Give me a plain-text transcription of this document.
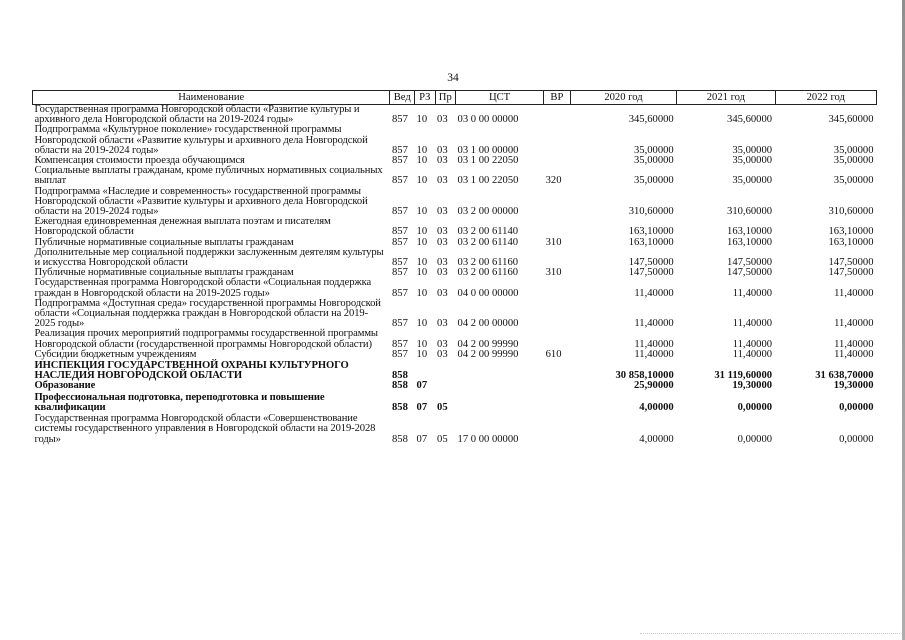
34
Наименование	Вед	РЗ	Пр	ЦСТ	ВР	2020 год	2021 год	2022 год
Государственная программа Новгородской области «Развитие культуры и архивного дела Новгородской области на 2019-2024 годы»	857	10	03	03 0 00 00000		345,60000	345,60000	345,60000
Подпрограмма «Культурное поколение» государственной программы Новгородской области «Развитие культуры и архивного дела Новгородской области на 2019-2024 годы»	857	10	03	03 1 00 00000		35,00000	35,00000	35,00000
Компенсация стоимости проезда обучающимся	857	10	03	03 1 00 22050		35,00000	35,00000	35,00000
Социальные выплаты гражданам, кроме публичных нормативных социальных выплат	857	10	03	03 1 00 22050	320	35,00000	35,00000	35,00000
Подпрограмма «Наследие и современность» государственной программы Новгородской области «Развитие культуры и архивного дела Новгородской области на 2019-2024 годы»	857	10	03	03 2 00 00000		310,60000	310,60000	310,60000
Ежегодная единовременная денежная выплата поэтам и писателям Новгородской области	857	10	03	03 2 00 61140		163,10000	163,10000	163,10000
Публичные нормативные социальные выплаты гражданам	857	10	03	03 2 00 61140	310	163,10000	163,10000	163,10000
Дополнительные мер социальной поддержки заслуженным деятелям культуры и искусства Новгородской области	857	10	03	03 2 00 61160		147,50000	147,50000	147,50000
Публичные нормативные социальные выплаты гражданам	857	10	03	03 2 00 61160	310	147,50000	147,50000	147,50000
Государственная программа Новгородской области «Социальная поддержка граждан в Новгородской области на 2019-2025 годы»	857	10	03	04 0 00 00000		11,40000	11,40000	11,40000
Подпрограмма «Доступная среда» государственной программы Новгородской области «Социальная поддержка граждан в Новгородской области на 2019-2025 годы»	857	10	03	04 2 00 00000		11,40000	11,40000	11,40000
Реализация прочих мероприятий подпрограммы государственной программы Новгородской области (государственной программы Новгородской области)	857	10	03	04 2 00 99990		11,40000	11,40000	11,40000
Субсидии бюджетным учреждениям	857	10	03	04 2 00 99990	610	11,40000	11,40000	11,40000
ИНСПЕКЦИЯ ГОСУДАРСТВЕННОЙ ОХРАНЫ КУЛЬТУРНОГО НАСЛЕДИЯ НОВГОРОДСКОЙ ОБЛАСТИ	858					30 858,10000	31 119,60000	31 638,70000
Образование	858	07				25,90000	19,30000	19,30000
Профессиональная подготовка, переподготовка и повышение квалификации	858	07	05			4,00000	0,00000	0,00000
Государственная программа Новгородской области «Совершенствование системы государственного управления в Новгородской области на 2019-2028 годы»	858	07	05	17 0 00 00000		4,00000	0,00000	0,00000
